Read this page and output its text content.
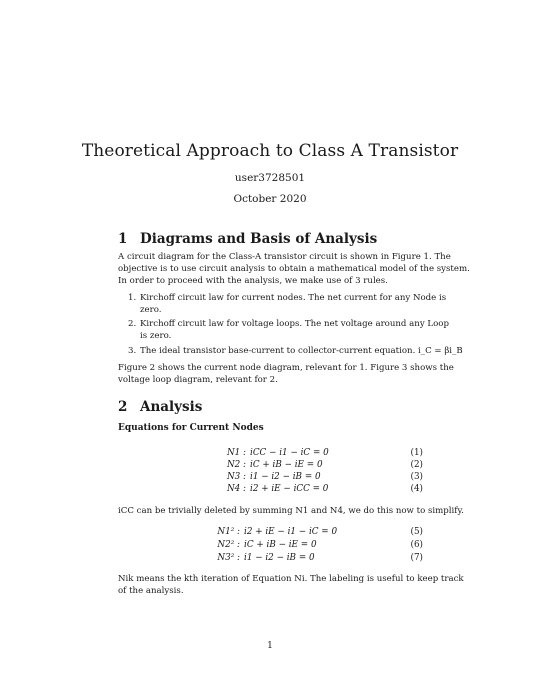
Theoretical Approach to Class A Transistor
user3728501
October 2020
1 Diagrams and Basis of Analysis
A circuit diagram for the Class-A transistor circuit is shown in Figure 1. The
objective is to use circuit analysis to obtain a mathematical model of the system.
In order to proceed with the analysis, we make use of 3 rules.
1. Kirchoff circuit law for current nodes. The net current for any Node is
zero.
2. Kirchoff circuit law for voltage loops. The net voltage around any Loop
is zero.
3. The ideal transistor base-current to collector-current equation. i_C = βi_B
Figure 2 shows the current node diagram, relevant for 1. Figure 3 shows the
voltage loop diagram, relevant for 2.
2 Analysis
Equations for Current Nodes
N1 : iCC − i1 − iC = 0	(1)
N2 : iC + iB − iE = 0	(2)
N3 : i1 − i2 − iB = 0	(3)
N4 : i2 + iE − iCC = 0	(4)
iCC can be trivially deleted by summing N1 and N4, we do this now to simplify.
N1² : i2 + iE − i1 − iC = 0	(5)
N2² : iC + iB − iE = 0	(6)
N3² : i1 − i2 − iB = 0	(7)
Nik means the kth iteration of Equation Ni. The labeling is useful to keep track
of the analysis.
1
